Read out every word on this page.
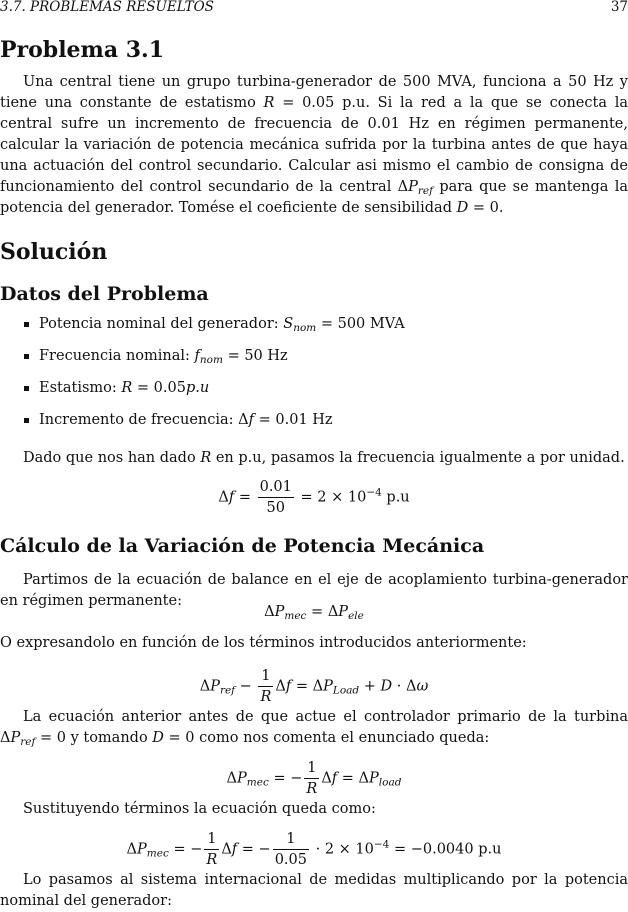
3.7. PROBLEMAS RESUELTOS	37
Problema 3.1

Una central tiene un grupo turbina-generador de 500 MVA, funciona a 50 Hz y tiene una constante de estatismo R = 0.05 p.u. Si la red a la que se conecta la central sufre un incremento de frecuencia de 0.01 Hz en régimen permanente, calcular la variación de potencia mecánica sufrida por la turbina antes de que haya una actuación del control secundario. Calcular asi mismo el cambio de consigna de funcionamiento del control secundario de la central $\Delta P_{ref}$ para que se mantenga la potencia del generador. Tomése el coeficiente de sensibilidad D = 0.

Solución
Datos del Problema
Potencia nominal del generador: $S_{nom} = 500$ MVA
Frecuencia nominal: $f_{nom} = 50$ Hz
Estatismo: R = 0.05p.u
Incremento de frecuencia: Δf = 0.01 Hz

Dado que nos han dado R en p.u, pasamos la frecuencia igualmente a por unidad.

$\Delta f = \frac{0.01}{50} = 2 \times 10^{-4}$ p.u
Cálculo de la Variación de Potencia Mecánica

Partimos de la ecuación de balance en el eje de acoplamiento turbina-generador en régimen permanente:

$\Delta P_{mec} = \Delta P_{ele}$

O expresandolo en función de los términos introducidos anteriormente:

$\Delta P_{ref} - \frac{1}{R}$ $\Delta f = \Delta P_{Load} + D \cdot \Delta\omega$

La ecuación anterior antes de que actue el controlador primario de la turbina $\Delta P_{ref} = 0$ y tomando D = 0 como nos comenta el enunciado queda:

$\Delta P_{mec}$ = − $\frac{1}{R}$ $\Delta f = \Delta P_{load}$

Sustituyendo términos la ecuación queda como:

$\Delta P_{mec}$ = − $\frac{1}{R}$ Δf = − $\frac{1}{0.05} \cdot 2 \times 10^{-4} = -0.0040$ p.u

Lo pasamos al sistema internacional de medidas multiplicando por la potencia nominal del generador:
